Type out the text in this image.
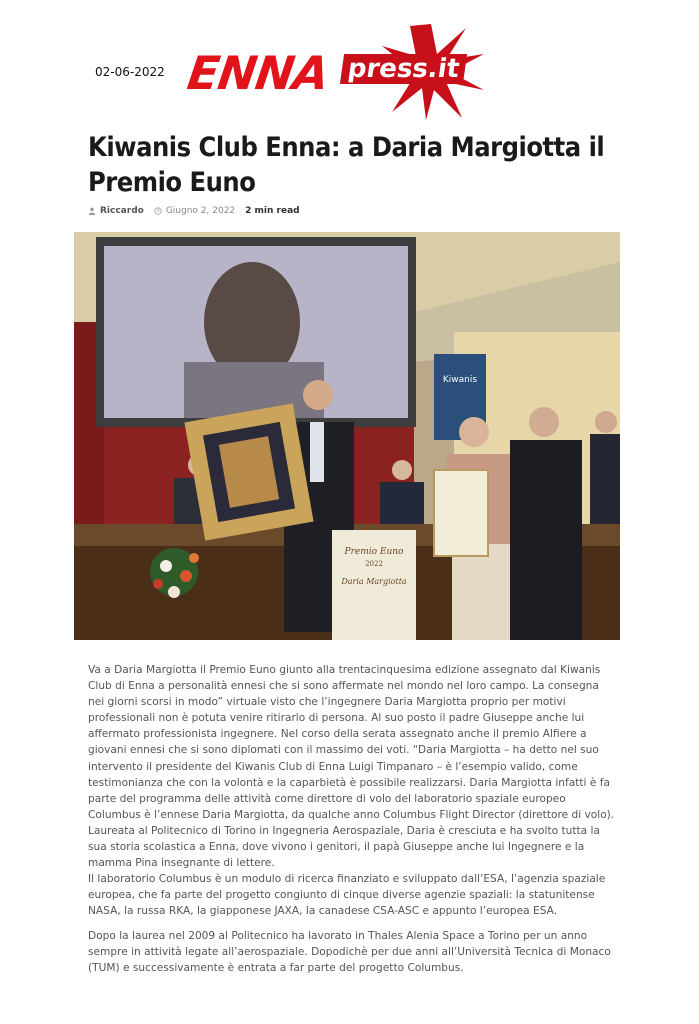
02-06-2022 ENNA press.it
Kiwanis Club Enna: a Daria Margiotta il Premio Euno
Riccardo Giugno 2, 2022 2 min read
Kiwanis
Premio Euno
2022
Daria Margiotta

Va a Daria Margiotta il Premio Euno giunto alla trentacinquesima edizione assegnato dal Kiwanis Club di Enna a personalità ennesi che si sono affermate nel mondo nel loro campo. La consegna nei giorni scorsi in modo” virtuale visto che l’ingegnere Daria Margiotta proprio per motivi professionali non è potuta venire ritirarlo di persona. Al suo posto il padre Giuseppe anche lui affermato professionista ingegnere. Nel corso della serata assegnato anche il premio Alfiere a giovani ennesi che si sono diplomati con il massimo dei voti. “Daria Margiotta – ha detto nel suo intervento il presidente del Kiwanis Club di Enna Luigi Timpanaro – è l’esempio valido, come testimonianza che con la volontà e la caparbietà è possibile realizzarsi. Daria Margiotta infatti è fa parte del programma delle attività come direttore di volo del laboratorio spaziale europeo Columbus è l’ennese Daria Margiotta, da qualche anno Columbus Flight Director (direttore di volo).

Laureata al Politecnico di Torino in Ingegneria Aerospaziale, Daria è cresciuta e ha svolto tutta la sua storia scolastica a Enna, dove vivono i genitori, il papà Giuseppe anche lui Ingegnere e la mamma Pina insegnante di lettere.

Il laboratorio Columbus è un modulo di ricerca finanziato e sviluppato dall’ESA, l’agenzia spaziale europea, che fa parte del progetto congiunto di cinque diverse agenzie spaziali: la statunitense NASA, la russa RKA, la giapponese JAXA, la canadese CSA-ASC e appunto l’europea ESA.

Dopo la laurea nel 2009 al Politecnico ha lavorato in Thales Alenia Space a Torino per un anno sempre in attività legate all’aerospaziale. Dopodichè per due anni all’Università Tecnica di Monaco (TUM) e successivamente è entrata a far parte del progetto Columbus.
